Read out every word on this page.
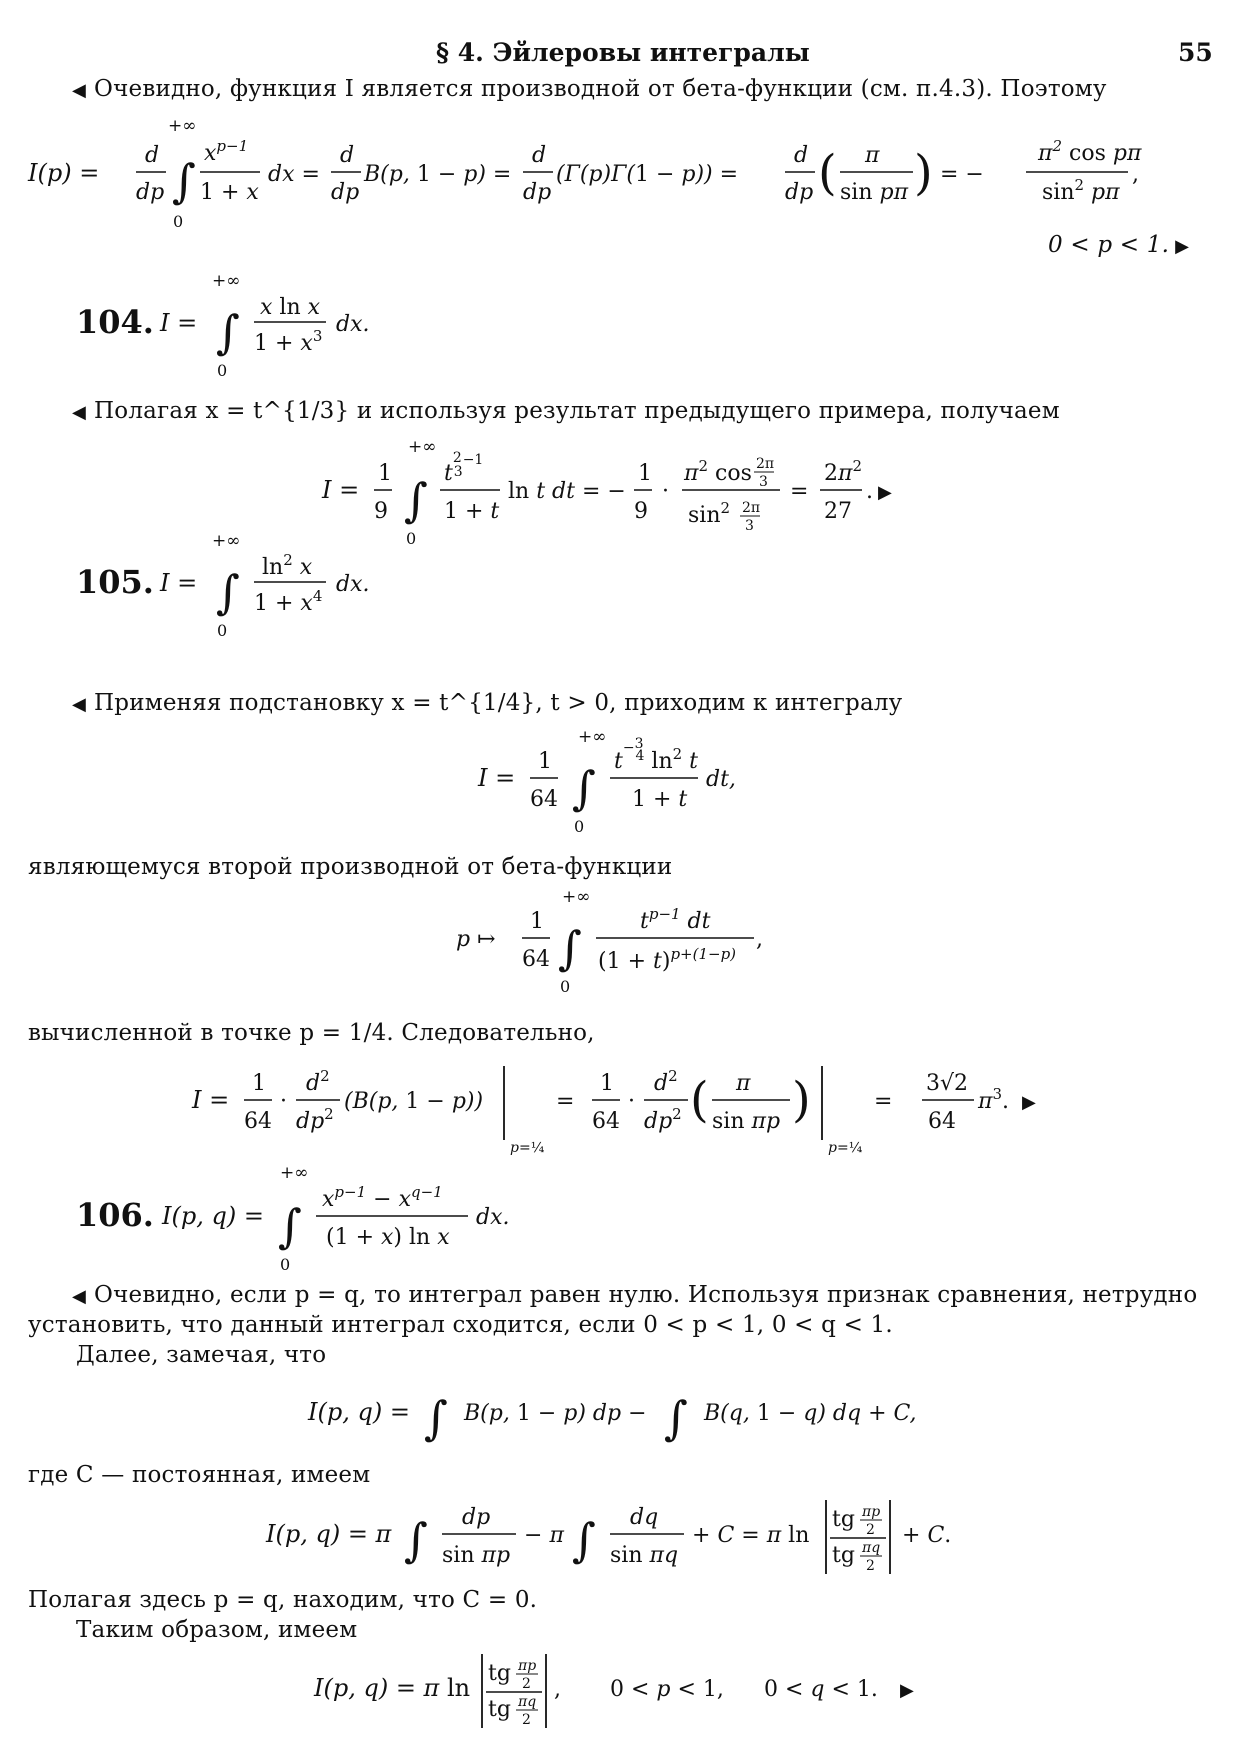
§ 4. Эйлеровы интегралы	55
◀ Очевидно, функция I является производной от бета-функции (см. п.4.3). Поэтому
I(p) =
d
dp
+∞
∫
0
$x^{p-1}$
1 + x
dx =
d
dp
B(p, 1 − p) =
d
dp
(Γ(p)Γ(1 − p)) =
d
dp ( π
sin pπ ) = −
$\pi^2$ cos pπ
$\sin^2 p\pi$
,
0 < p < 1. ▶
104. I =
+∞
∫
0
x ln x
$1 + x^3$ dx.
◀ Полагая x = t^{1/3} и используя результат предыдущего примера, получаем
I =
1
9
+∞
∫
0
$t^2$ $3^{-1}$
1 + t
ln t dt = −
1
9
·
$\pi^2$ cos 2π
3
$\sin^2 2\pi$
3
=
$2\pi^2$
27
. ▶
105. I =
+∞
∫
0
$\ln^2 x$
$1 + x^4$ dx.
◀ Применяя подстановку x = t^{1/4}, t > 0, приходим к интегралу
I =
1
64
+∞
∫
0
t−3 4 $\ln^2 t$
1 + t
dt,
являющемуся второй производной от бета-функции
p ↦
1
64
+∞
∫
0
$t^{p-1}$ dt
$(1 + t)^{p+(1-p)}$
,
вычисленной в точке p = 1/4. Следовательно,
I =
1
64
·
$d^2$
$dp^2$ (B(p, 1 − p))
p=¼
=
1
64
·
$d^2$
$dp^2$ ( π
sin πp )
p=¼
=
3√2
64
$\pi^3$. ▶
106. I(p, q) =
+∞
∫
0
$x^{p-1} - x^{q-1}$
(1 + x) ln x
dx.
◀ Очевидно, если p = q, то интеграл равен нулю. Используя признак сравнения, нетрудно
установить, что данный интеграл сходится, если 0 < p < 1, 0 < q < 1.
Далее, замечая, что
I(p, q) = ∫ B(p, 1 − p) dp − ∫ B(q, 1 − q) dq + C,
где C — постоянная, имеем
I(p, q) = π ∫ dp
sin πp
− π ∫ dq
sin πq
+ C = π ln
tg πp
2
tg πq
2
+ C.
Полагая здесь p = q, находим, что C = 0.
Таким образом, имеем
I(p, q) = π ln
tg πp
2
tg πq
2
, 0 < p < 1, 0 < q < 1. ▶
